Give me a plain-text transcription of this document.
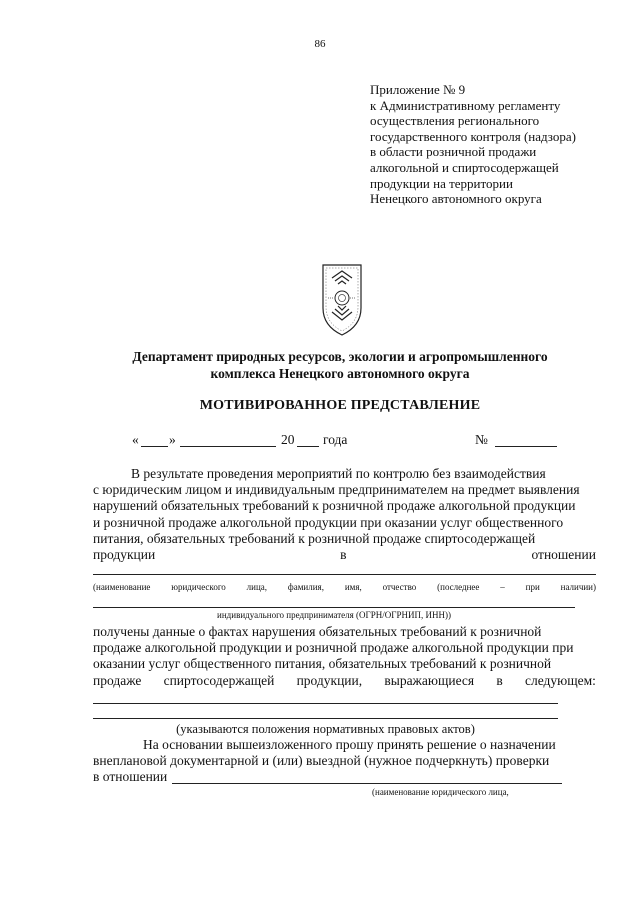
86
Приложение № 9
к Административному регламенту
осуществления регионального
государственного контроля (надзора)
в области розничной продажи
алкогольной и спиртосодержащей
продукции на территории
Ненецкого автономного округа
Департамент природных ресурсов, экологии и агропромышленного
комплекса Ненецкого автономного округа
МОТИВИРОВАННОЕ ПРЕДСТАВЛЕНИЕ
« »	20 года	№
В результате проведения мероприятий по контролю без взаимодействия
с юридическим лицом и индивидуальным предпринимателем на предмет выявления
нарушений обязательных требований к розничной продаже алкогольной продукции
и розничной продаже алкогольной продукции при оказании услуг общественного
питания, обязательных требований к розничной продаже спиртосодержащей
продукции	в	отношении
(наименование юридического лица, фамилия, имя, отчество (последнее – при наличии)
индивидуального предпринимателя (ОГРН/ОГРНИП, ИНН))
получены данные о фактах нарушения обязательных требований к розничной
продаже алкогольной продукции и розничной продаже алкогольной продукции при
оказании услуг общественного питания, обязательных требований к розничной
продаже спиртосодержащей продукции, выражающиеся в следующем:
(указываются положения нормативных правовых актов)
На основании вышеизложенного прошу принять решение о назначении
внеплановой документарной и (или) выездной (нужное подчеркнуть) проверки
в отношении
(наименование юридического лица,
